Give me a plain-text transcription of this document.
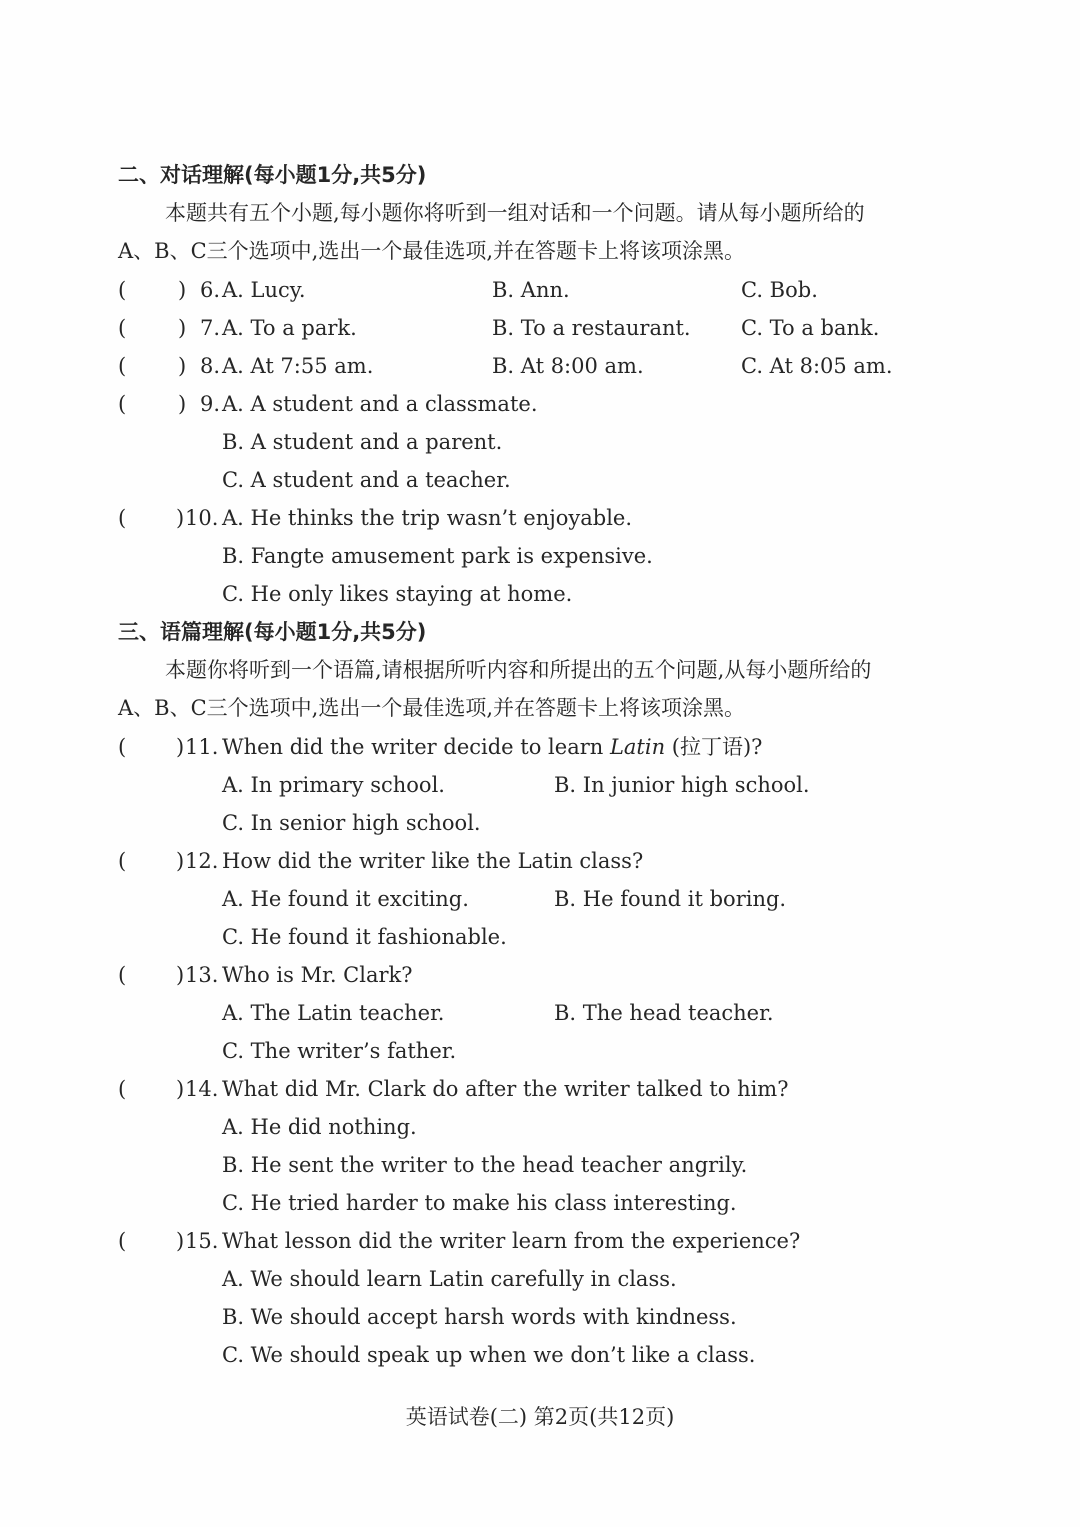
二、对话理解(每小题1分,共5分)
本题共有五个小题,每小题你将听到一组对话和一个问题。请从每小题所给的
A、B、C三个选项中,选出一个最佳选项,并在答题卡上将该项涂黑。
( ) 6. A. Lucy.	B. Ann.	C. Bob.
( ) 7. A. To a park.	B. To a restaurant. C. To a bank.
( ) 8. A. At 7:55 am.	B. At 8:00 am.	C. At 8:05 am.
( ) 9. A. A student and a classmate.
B. A student and a parent.
C. A student and a teacher.
( ) 10. A. He thinks the trip wasn’t enjoyable.
B. Fangte amusement park is expensive.
C. He only likes staying at home.
三、语篇理解(每小题1分,共5分)
本题你将听到一个语篇,请根据所听内容和所提出的五个问题,从每小题所给的
A、B、C三个选项中,选出一个最佳选项,并在答题卡上将该项涂黑。
( ) 11. When did the writer decide to learn Latin (拉丁语)?
A. In primary school.	B. In junior high school.
C. In senior high school.
( ) 12. How did the writer like the Latin class?
A. He found it exciting.	B. He found it boring.
C. He found it fashionable.
( ) 13. Who is Mr. Clark?
A. The Latin teacher.	B. The head teacher.
C. The writer’s father.
( ) 14. What did Mr. Clark do after the writer talked to him?
A. He did nothing.
B. He sent the writer to the head teacher angrily.
C. He tried harder to make his class interesting.
( ) 15. What lesson did the writer learn from the experience?
A. We should learn Latin carefully in class.
B. We should accept harsh words with kindness.
C. We should speak up when we don’t like a class.
英语试卷(二) 第2页(共12页)
